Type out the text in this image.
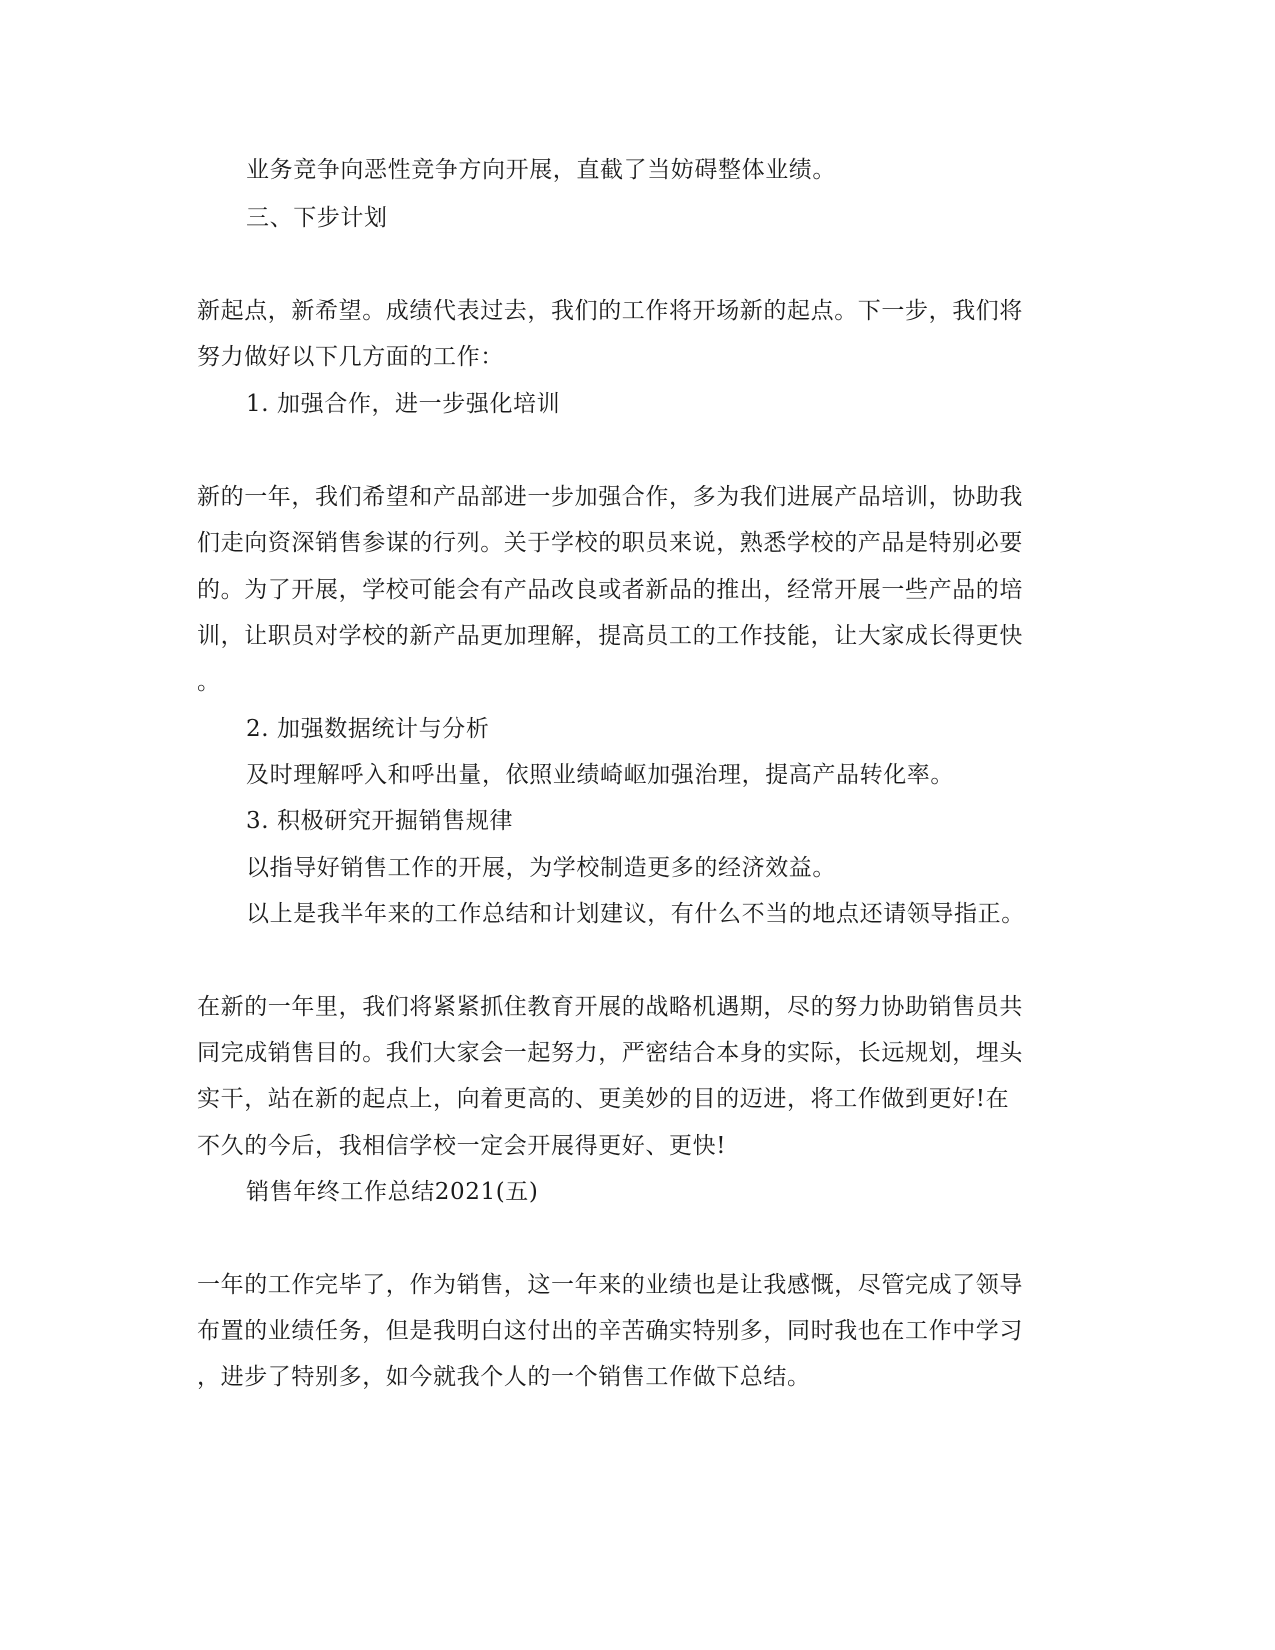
业务竞争向恶性竞争方向开展，直截了当妨碍整体业绩。
三、下步计划
新起点，新希望。成绩代表过去，我们的工作将开场新的起点。下一步，我们将
努力做好以下几方面的工作：
1. 加强合作，进一步强化培训
新的一年，我们希望和产品部进一步加强合作，多为我们进展产品培训，协助我
们走向资深销售参谋的行列。关于学校的职员来说，熟悉学校的产品是特别必要
的。为了开展，学校可能会有产品改良或者新品的推出，经常开展一些产品的培
训，让职员对学校的新产品更加理解，提高员工的工作技能，让大家成长得更快
。
2. 加强数据统计与分析
及时理解呼入和呼出量，依照业绩崎岖加强治理，提高产品转化率。
3. 积极研究开掘销售规律
以指导好销售工作的开展，为学校制造更多的经济效益。
以上是我半年来的工作总结和计划建议，有什么不当的地点还请领导指正。
在新的一年里，我们将紧紧抓住教育开展的战略机遇期，尽的努力协助销售员共
同完成销售目的。我们大家会一起努力，严密结合本身的实际，长远规划，埋头
实干，站在新的起点上，向着更高的、更美妙的目的迈进，将工作做到更好!在
不久的今后，我相信学校一定会开展得更好、更快!
销售年终工作总结2021(五)
一年的工作完毕了，作为销售，这一年来的业绩也是让我感慨，尽管完成了领导
布置的业绩任务，但是我明白这付出的辛苦确实特别多，同时我也在工作中学习
，进步了特别多，如今就我个人的一个销售工作做下总结。
